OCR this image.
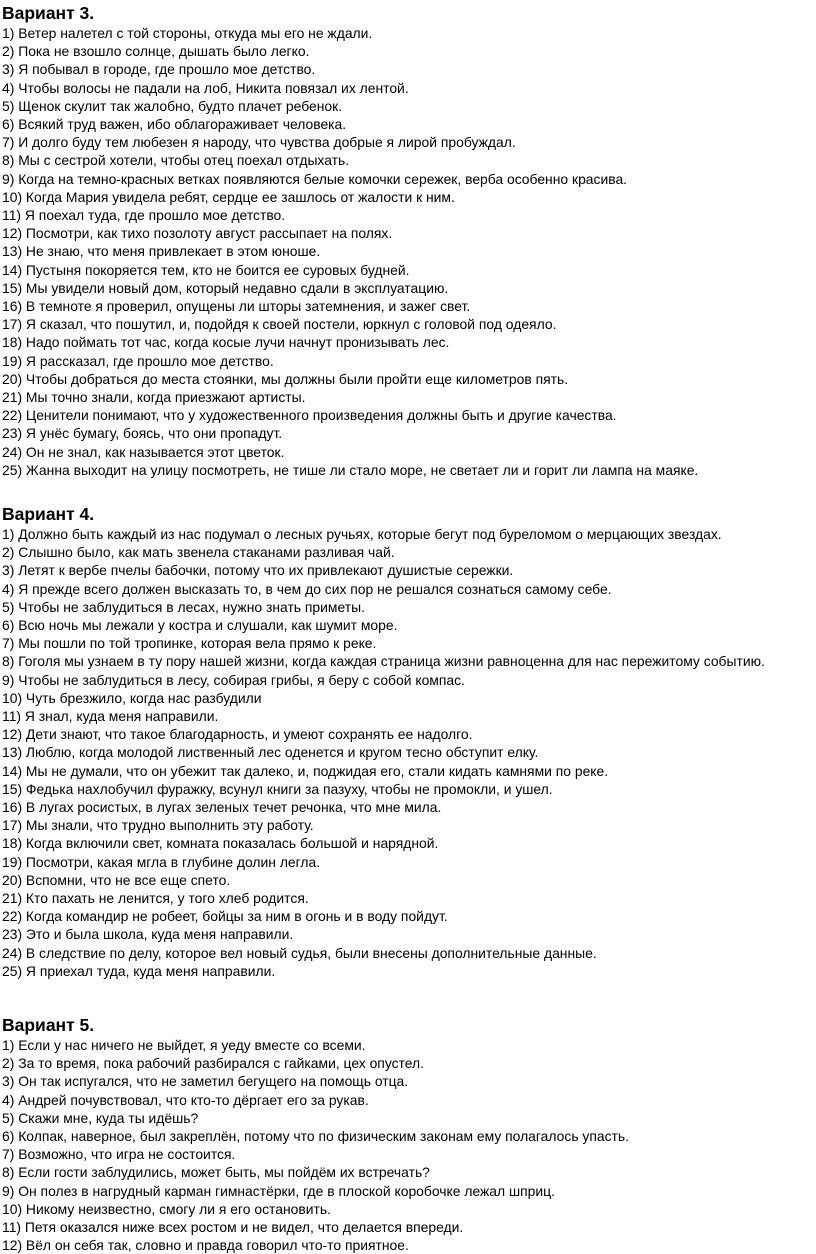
Вариант 3.
1) Ветер налетел с той стороны, откуда мы его не ждали.
2) Пока не взошло солнце, дышать было легко.
3) Я побывал в городе, где прошло мое детство.
4) Чтобы волосы не падали на лоб, Никита повязал их лентой.
5) Щенок скулит так жалобно, будто плачет ребенок.
6) Всякий труд важен, ибо облагораживает человека.
7) И долго буду тем любезен я народу, что чувства добрые я лирой пробуждал.
8) Мы с сестрой хотели, чтобы отец поехал отдыхать.
9) Когда на темно-красных ветках появляются белые комочки сережек, верба особенно красива.
10) Когда Мария увидела ребят, сердце ее зашлось от жалости к ним.
11) Я поехал туда, где прошло мое детство.
12) Посмотри, как тихо позолоту август рассыпает на полях.
13) Не знаю, что меня привлекает в этом юноше.
14) Пустыня покоряется тем, кто не боится ее суровых будней.
15) Мы увидели новый дом, который недавно сдали в эксплуатацию.
16) В темноте я проверил, опущены ли шторы затемнения, и зажег свет.
17) Я сказал, что пошутил, и, подойдя к своей постели, юркнул с головой под одеяло.
18) Надо поймать тот час, когда косые лучи начнут пронизывать лес.
19) Я рассказал, где прошло мое детство.
20) Чтобы добраться до места стоянки, мы должны были пройти еще километров пять.
21) Мы точно знали, когда приезжают артисты.
22) Ценители понимают, что у художественного произведения должны быть и другие качества.
23) Я унёс бумагу, боясь, что они пропадут.
24) Он не знал, как называется этот цветок.
25) Жанна выходит на улицу посмотреть, не тише ли стало море, не светает ли и горит ли лампа на маяке.
Вариант 4.
1) Должно быть каждый из нас подумал о лесных ручьях, которые бегут под буреломом о мерцающих звездах.
2) Слышно было, как мать звенела стаканами разливая чай.
3) Летят к вербе пчелы бабочки, потому что их привлекают душистые сережки.
4) Я прежде всего должен высказать то, в чем до сих пор не решался сознаться самому себе.
5) Чтобы не заблудиться в лесах, нужно знать приметы.
6) Всю ночь мы лежали у костра и слушали, как шумит море.
7) Мы пошли по той тропинке, которая вела прямо к реке.
8) Гоголя мы узнаем в ту пору нашей жизни, когда каждая страница жизни равноценна для нас пережитому событию.
9) Чтобы не заблудиться в лесу, собирая грибы, я беру с собой компас.
10) Чуть брезжило, когда нас разбудили
11) Я знал, куда меня направили.
12) Дети знают, что такое благодарность, и умеют сохранять ее надолго.
13) Люблю, когда молодой лиственный лес оденется и кругом тесно обступит елку.
14) Мы не думали, что он убежит так далеко, и, поджидая его, стали кидать камнями по реке.
15) Федька нахлобучил фуражку, всунул книги за пазуху, чтобы не промокли, и ушел.
16) В лугах росистых, в лугах зеленых течет речонка, что мне мила.
17) Мы знали, что трудно выполнить эту работу.
18) Когда включили свет, комната показалась большой и нарядной.
19) Посмотри, какая мгла в глубине долин легла.
20) Вспомни, что не все еще спето.
21) Кто пахать не ленится, у того хлеб родится.
22) Когда командир не робеет, бойцы за ним в огонь и в воду пойдут.
23) Это и была школа, куда меня направили.
24) В следствие по делу, которое вел новый судья, были внесены дополнительные данные.
25) Я приехал туда, куда меня направили.
Вариант 5.
1) Если у нас ничего не выйдет, я уеду вместе со всеми.
2) За то время, пока рабочий разбирался с гайками, цех опустел.
3) Он так испугался, что не заметил бегущего на помощь отца.
4) Андрей почувствовал, что кто-то дёргает его за рукав.
5) Скажи мне, куда ты идёшь?
6) Колпак, наверное, был закреплён, потому что по физическим законам ему полагалось упасть.
7) Возможно, что игра не состоится.
8) Если гости заблудились, может быть, мы пойдём их встречать?
9) Он полез в нагрудный карман гимнастёрки, где в плоской коробочке лежал шприц.
10) Никому неизвестно, смогу ли я его остановить.
11) Петя оказался ниже всех ростом и не видел, что делается впереди.
12) Вёл он себя так, словно и правда говорил что-то приятное.
